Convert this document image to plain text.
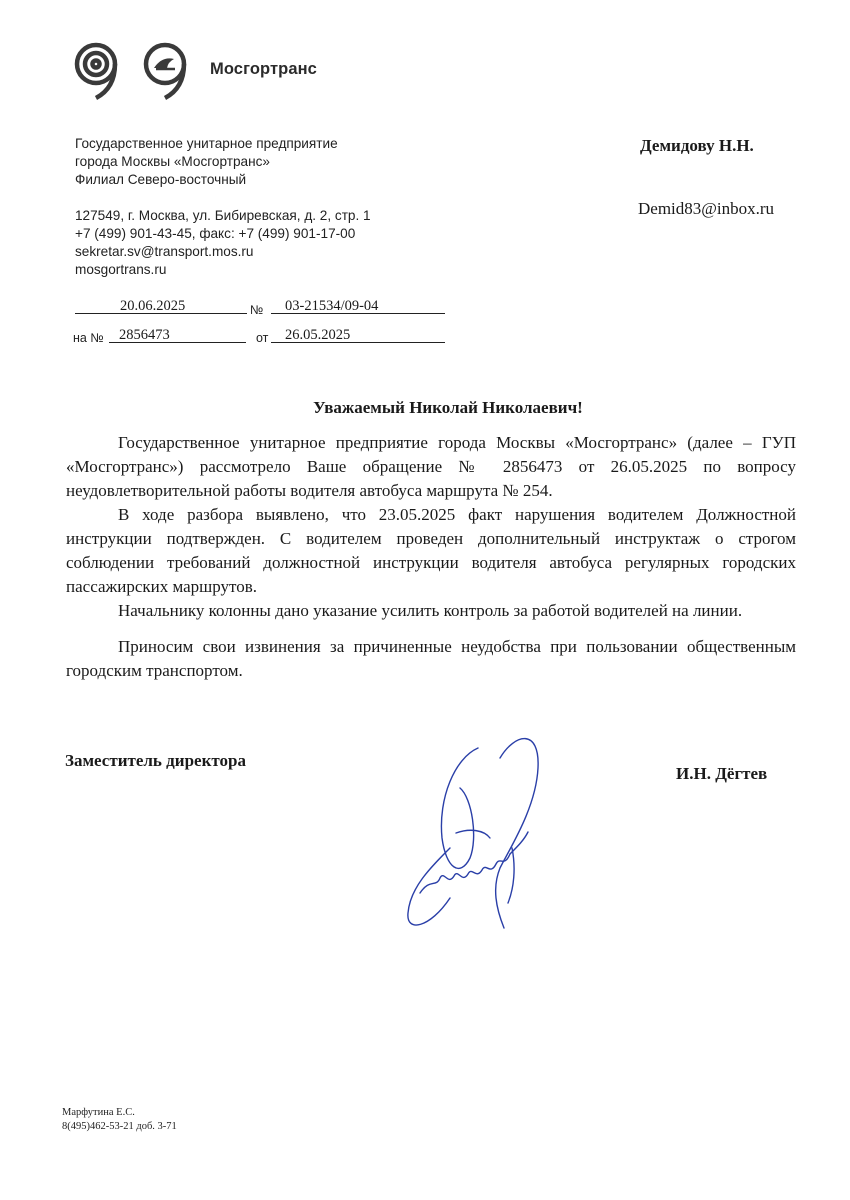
Мосгортранс
Государственное унитарное предприятие
города Москвы «Мосгортранс»
Филиал Северо-восточный
127549, г. Москва, ул. Бибиревская, д. 2, стр. 1
+7 (499) 901-43-45, факс: +7 (499) 901-17-00
sekretar.sv@transport.mos.ru
mosgortrans.ru
Демидову Н.Н.
Demid83@inbox.ru
20.06.2025	№	03-21534/09-04
на №	2856473	от	26.05.2025
Уважаемый Николай Николаевич!

Государственное унитарное предприятие города Москвы «Мосгортранс» (далее – ГУП «Мосгортранс») рассмотрело Ваше обращение № 2856473 от 26.05.2025 по вопросу неудовлетворительной работы водителя автобуса маршрута № 254.

В ходе разбора выявлено, что 23.05.2025 факт нарушения водителем Должностной инструкции подтвержден. С водителем проведен дополнительный инструктаж о строгом соблюдении требований должностной инструкции водителя автобуса регулярных городских пассажирских маршрутов.

Начальнику колонны дано указание усилить контроль за работой водителей на линии.

Приносим свои извинения за причиненные неудобства при пользовании общественным городским транспортом.

Заместитель директора
И.Н. Дёгтев
Марфутина Е.С.
8(495)462-53-21 доб. 3-71
